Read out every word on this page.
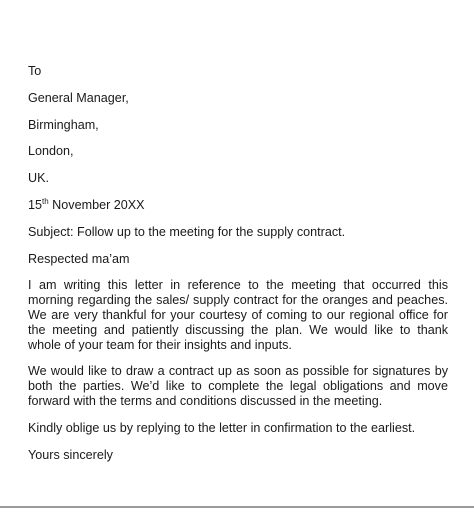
To
General Manager,
Birmingham,
London,
UK.
15th November 20XX
Subject: Follow up to the meeting for the supply contract.
Respected ma’am
I am writing this letter in reference to the meeting that occurred this morning regarding the sales/ supply contract for the oranges and peaches. We are very thankful for your courtesy of coming to our regional office for the meeting and patiently discussing the plan. We would like to thank whole of your team for their insights and inputs.
We would like to draw a contract up as soon as possible for signatures by both the parties. We’d like to complete the legal obligations and move forward with the terms and conditions discussed in the meeting.
Kindly oblige us by replying to the letter in confirmation to the earliest.
Yours sincerely
